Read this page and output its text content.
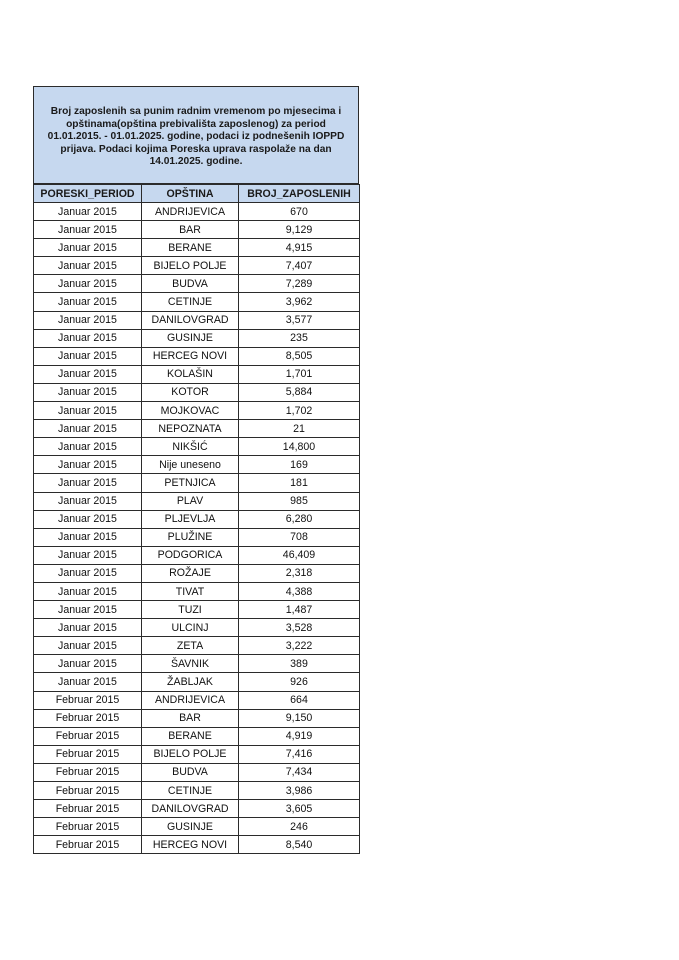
Broj zaposlenih sa punim radnim vremenom po mjesecima i opštinama(opština prebivališta zaposlenog) za period 01.01.2015. - 01.01.2025. godine, podaci iz podnešenih IOPPD prijava. Podaci kojima Poreska uprava raspolaže na dan 14.01.2025. godine.
PORESKI_PERIOD	OPŠTINA	BROJ_ZAPOSLENIH
Januar 2015	ANDRIJEVICA	670
Januar 2015	BAR	9,129
Januar 2015	BERANE	4,915
Januar 2015	BIJELO POLJE	7,407
Januar 2015	BUDVA	7,289
Januar 2015	CETINJE	3,962
Januar 2015	DANILOVGRAD	3,577
Januar 2015	GUSINJE	235
Januar 2015	HERCEG NOVI	8,505
Januar 2015	KOLAŠIN	1,701
Januar 2015	KOTOR	5,884
Januar 2015	MOJKOVAC	1,702
Januar 2015	NEPOZNATA	21
Januar 2015	NIKŠIĆ	14,800
Januar 2015	Nije uneseno	169
Januar 2015	PETNJICA	181
Januar 2015	PLAV	985
Januar 2015	PLJEVLJA	6,280
Januar 2015	PLUŽINE	708
Januar 2015	PODGORICA	46,409
Januar 2015	ROŽAJE	2,318
Januar 2015	TIVAT	4,388
Januar 2015	TUZI	1,487
Januar 2015	ULCINJ	3,528
Januar 2015	ZETA	3,222
Januar 2015	ŠAVNIK	389
Januar 2015	ŽABLJAK	926
Februar 2015	ANDRIJEVICA	664
Februar 2015	BAR	9,150
Februar 2015	BERANE	4,919
Februar 2015	BIJELO POLJE	7,416
Februar 2015	BUDVA	7,434
Februar 2015	CETINJE	3,986
Februar 2015	DANILOVGRAD	3,605
Februar 2015	GUSINJE	246
Februar 2015	HERCEG NOVI	8,540
